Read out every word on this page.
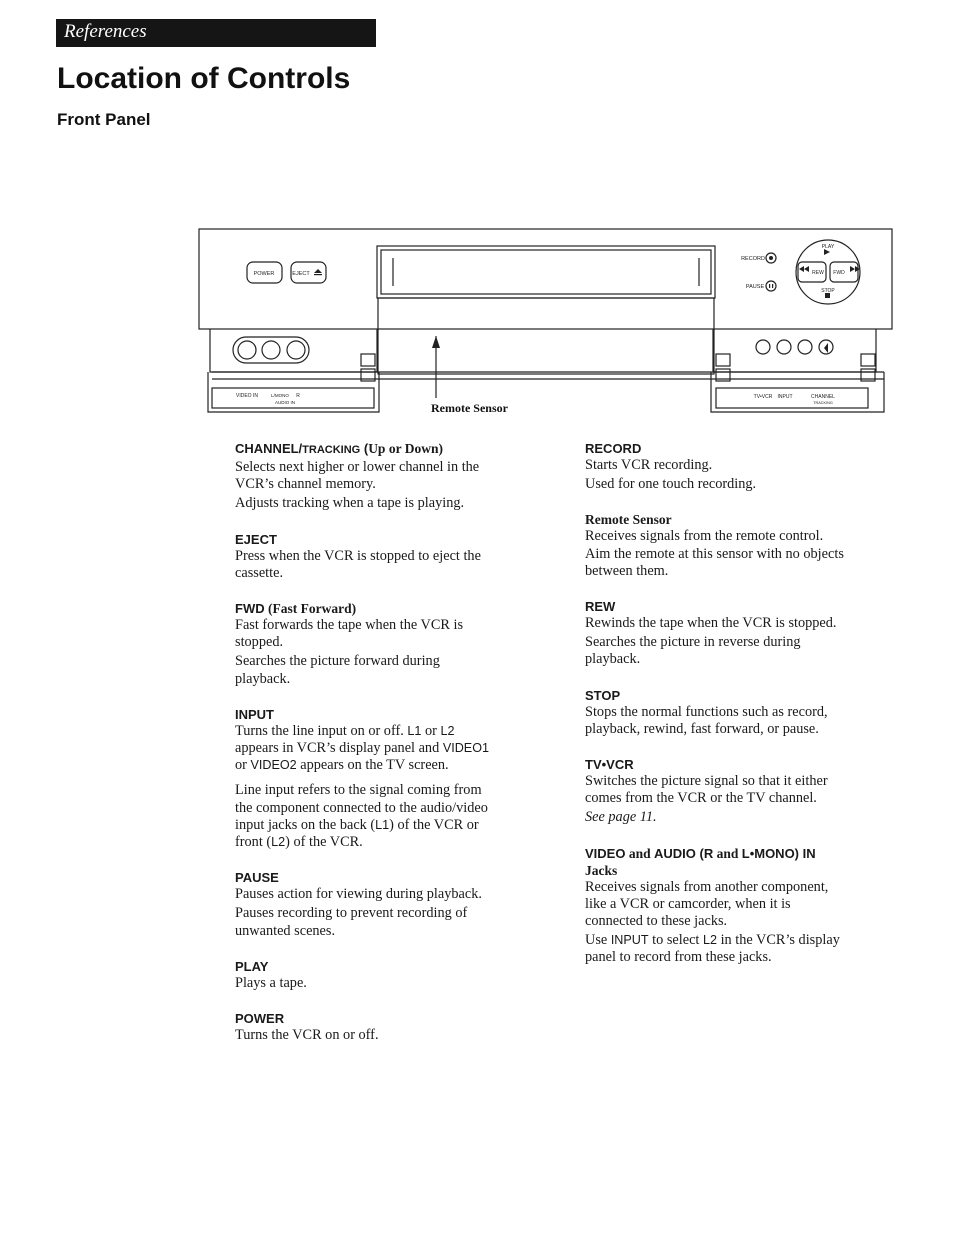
References
Location of Controls
Front Panel
POWER	EJECT
RECORD
PAUSE
PLAY
REW FWD
STOP
VIDEO IN	L/MONO R
AUDIO IN
TV•VCR INPUT	CHANNEL
TRACKING
Remote Sensor
CHANNEL/TRACKING (Up or Down)

Selects next higher or lower channel in the VCR’s channel memory.

Adjusts tracking when a tape is playing.

EJECT

Press when the VCR is stopped to eject the cassette.

FWD (Fast Forward)

Fast forwards the tape when the VCR is stopped.

Searches the picture forward during playback.

INPUT

Turns the line input on or off. L1 or L2 appears in VCR’s display panel and VIDEO1 or VIDEO2 appears on the TV screen.

Line input refers to the signal coming from the component connected to the audio/video input jacks on the back (L1) of the VCR or front (L2) of the VCR.

PAUSE

Pauses action for viewing during playback.

Pauses recording to prevent recording of unwanted scenes.

PLAY

Plays a tape.

POWER

Turns the VCR on or off.

RECORD

Starts VCR recording.

Used for one touch recording.

Remote Sensor

Receives signals from the remote control. Aim the remote at this sensor with no objects between them.

REW

Rewinds the tape when the VCR is stopped.

Searches the picture in reverse during playback.

STOP

Stops the normal functions such as record, playback, rewind, fast forward, or pause.

TV•VCR

Switches the picture signal so that it either comes from the VCR or the TV channel.

See page 11.

VIDEO and AUDIO (R and L•MONO) IN
Jacks

Receives signals from another component, like a VCR or camcorder, when it is connected to these jacks.

Use INPUT to select L2 in the VCR’s display panel to record from these jacks.
